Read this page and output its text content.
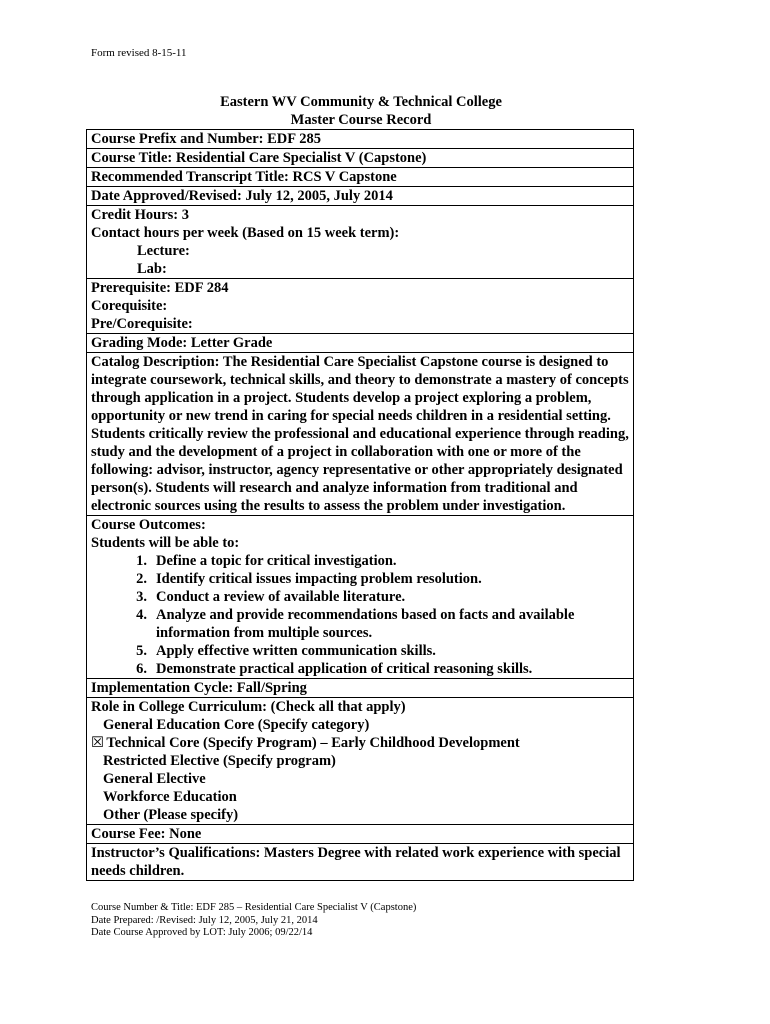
Form revised 8-15-11
Eastern WV Community & Technical College
Master Course Record
Course Prefix and Number: EDF 285
Course Title: Residential Care Specialist V (Capstone)
Recommended Transcript Title: RCS V Capstone
Date Approved/Revised: July 12, 2005, July 2014

Credit Hours: 3

Contact hours per week (Based on 15 week term):

Lecture:

Lab:

Prerequisite: EDF 284

Corequisite:

Pre/Corequisite:

Grading Mode: Letter Grade
Catalog Description: The Residential Care Specialist Capstone course is designed to integrate coursework, technical skills, and theory to demonstrate a mastery of concepts through application in a project. Students develop a project exploring a problem, opportunity or new trend in caring for special needs children in a residential setting. Students critically review the professional and educational experience through reading, study and the development of a project in collaboration with one or more of the following: advisor, instructor, agency representative or other appropriately designated person(s). Students will research and analyze information from traditional and electronic sources using the results to assess the problem under investigation.

Course Outcomes:

Students will be able to:

1. Define a topic for critical investigation.
2. Identify critical issues impacting problem resolution.
3. Conduct a review of available literature.
4. Analyze and provide recommendations based on facts and available information from multiple sources.
5. Apply effective written communication skills.
6. Demonstrate practical application of critical reasoning skills.
Implementation Cycle: Fall/Spring

Role in College Curriculum: (Check all that apply)

General Education Core (Specify category)

☒ Technical Core (Specify Program) – Early Childhood Development

Restricted Elective (Specify program)

General Elective

Workforce Education

Other (Please specify)

Course Fee: None
Instructor’s Qualifications: Masters Degree with related work experience with special needs children.
Course Number & Title: EDF 285 – Residential Care Specialist V (Capstone)
Date Prepared: /Revised: July 12, 2005, July 21, 2014
Date Course Approved by LOT: July 2006; 09/22/14
